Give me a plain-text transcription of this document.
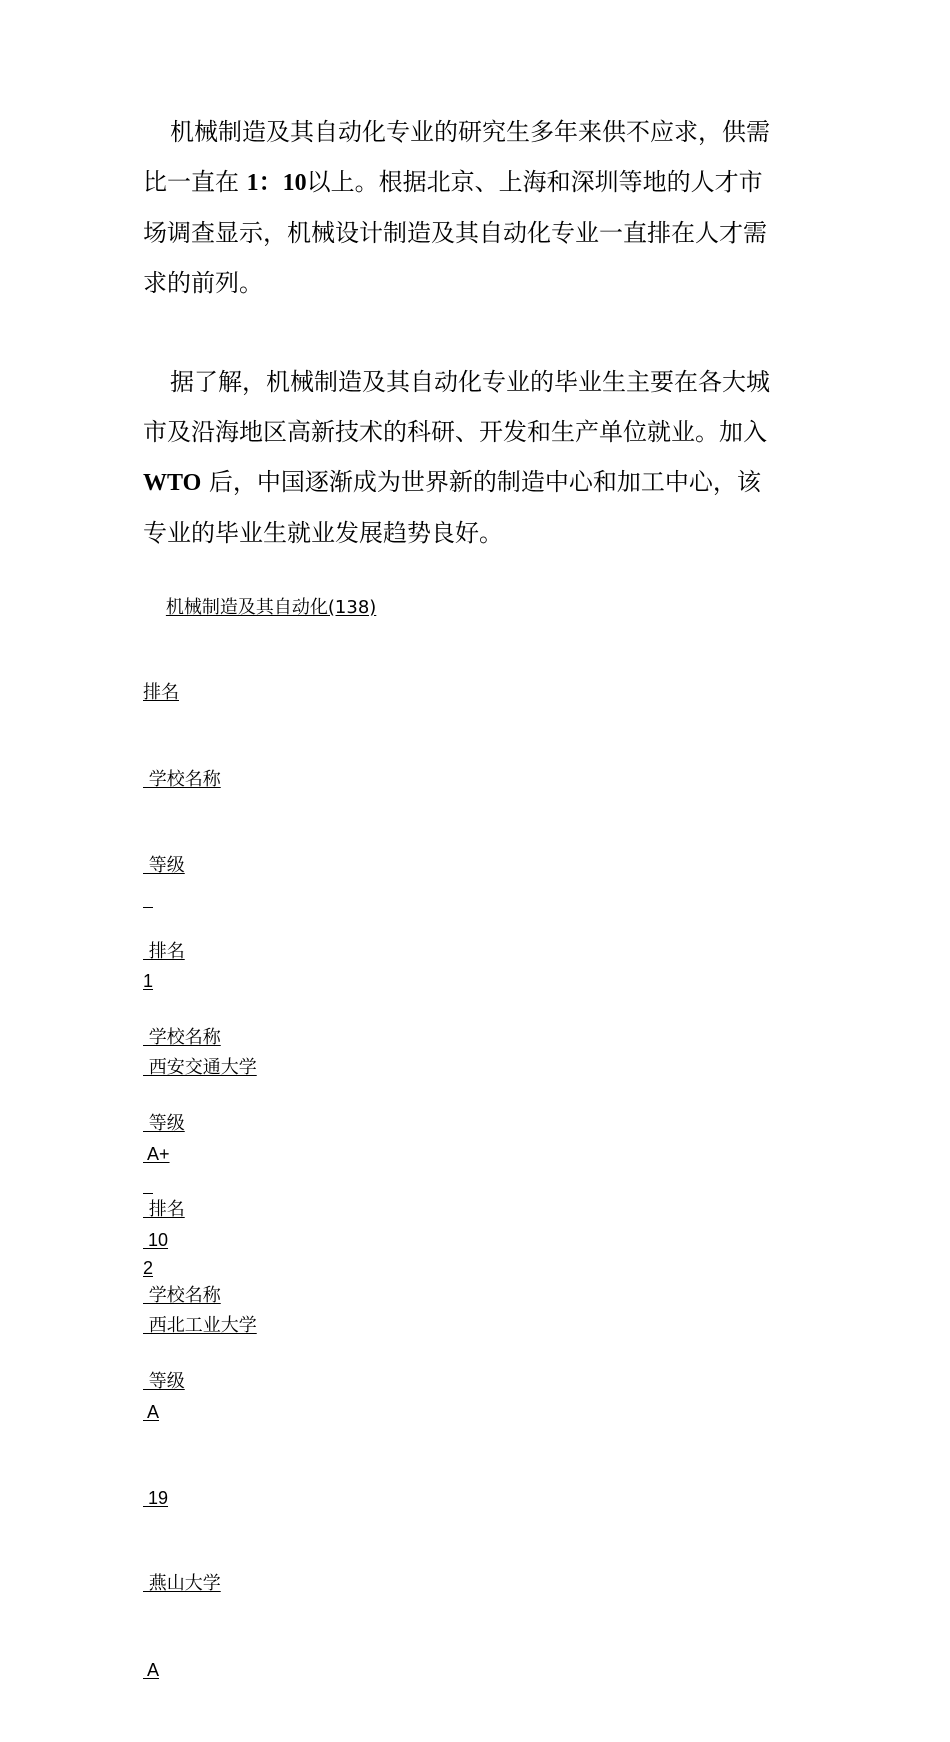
机械制造及其自动化专业的研究生多年来供不应求，供需
比一直在 1：10以上。根据北京、上海和深圳等地的人才市
场调查显示，机械设计制造及其自动化专业一直排在人才需
求的前列。

据了解，机械制造及其自动化专业的毕业生主要在各大城
市及沿海地区高新技术的科研、开发和生产单位就业。加入
WTO 后，中国逐渐成为世界新的制造中心和加工中心，该
专业的毕业生就业发展趋势良好。

机械制造及其自动化(138)

排名

学校名称

等级

排名

学校名称

等级

排名

学校名称

等级

1

西安交通大学

A+

10

西北工业大学

A

19

燕山大学

A

2
